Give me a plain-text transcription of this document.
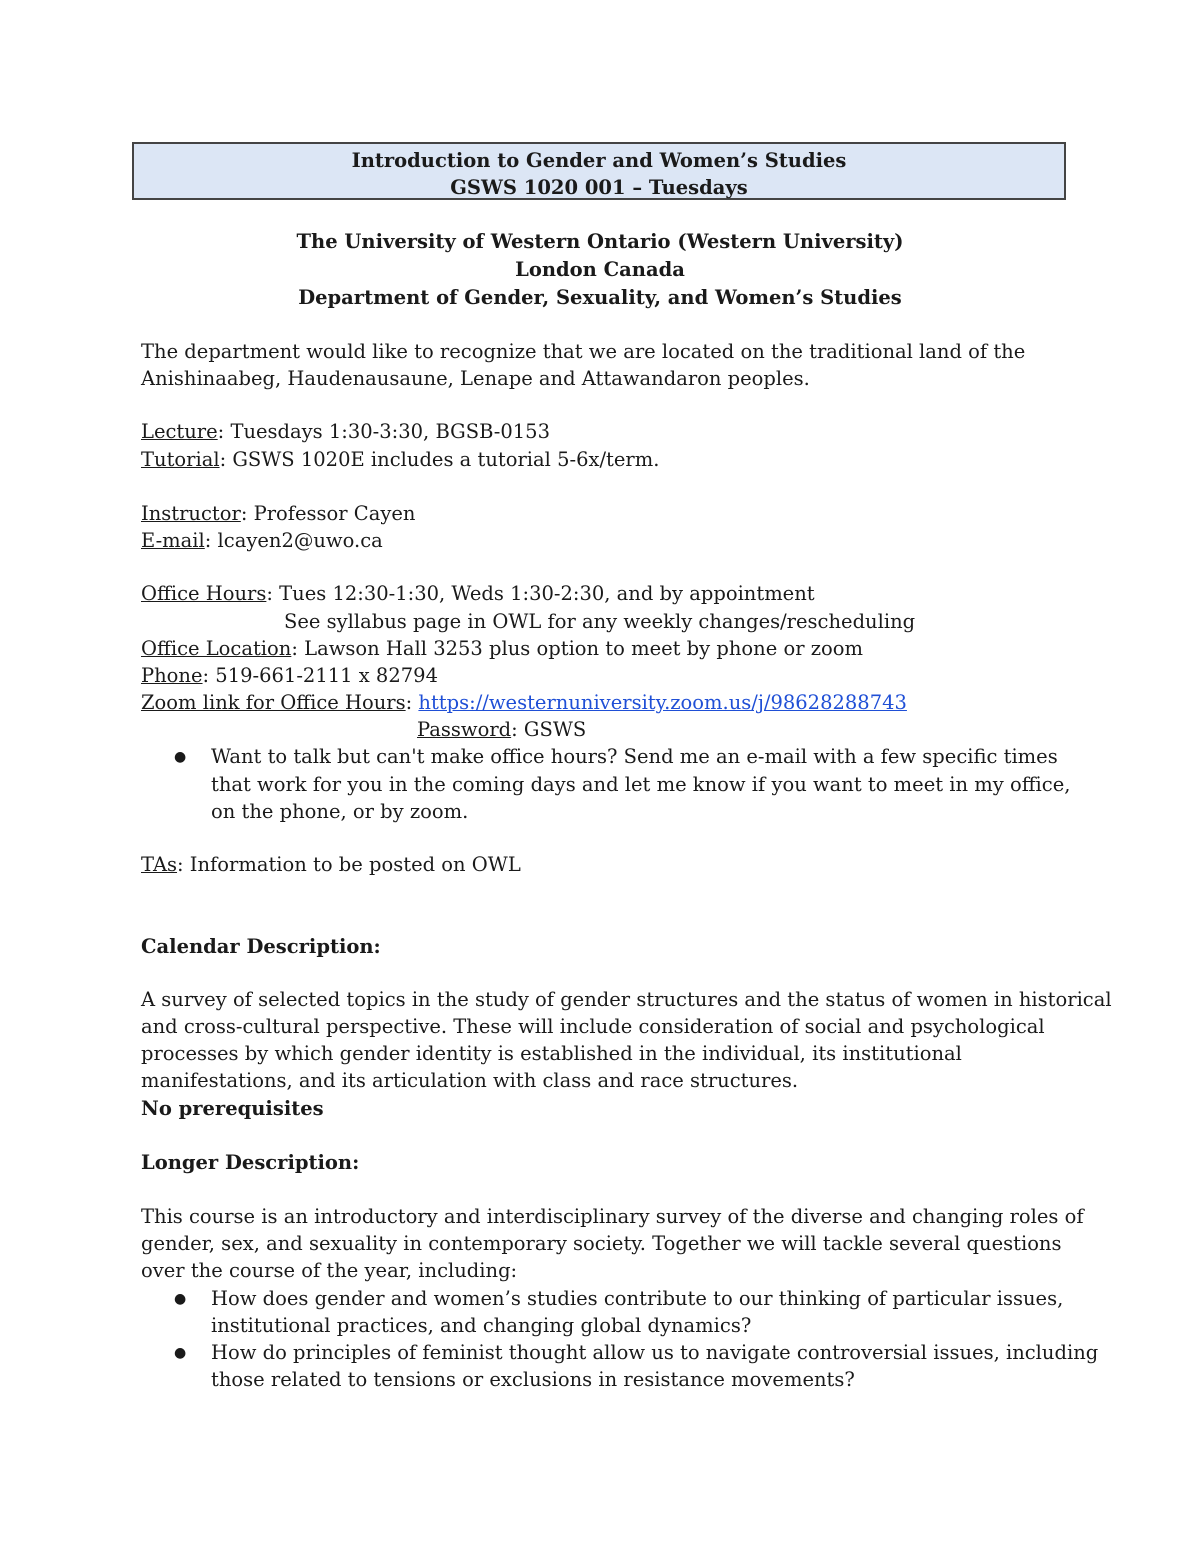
Introduction to Gender and Women’s Studies
GSWS 1020 001 – Tuesdays
The University of Western Ontario (Western University)
London Canada
Department of Gender, Sexuality, and Women’s Studies
The department would like to recognize that we are located on the traditional land of the
Anishinaabeg, Haudenausaune, Lenape and Attawandaron peoples.
Lecture: Tuesdays 1:30-3:30, BGSB-0153
Tutorial: GSWS 1020E includes a tutorial 5-6x/term.
Instructor: Professor Cayen
E-mail: lcayen2@uwo.ca
Office Hours: Tues 12:30-1:30, Weds 1:30-2:30, and by appointment
See syllabus page in OWL for any weekly changes/rescheduling
Office Location: Lawson Hall 3253 plus option to meet by phone or zoom
Phone: 519-661-2111 x 82794
Zoom link for Office Hours: https://westernuniversity.zoom.us/j/98628288743
Password: GSWS
● Want to talk but can't make office hours? Send me an e-mail with a few specific times
that work for you in the coming days and let me know if you want to meet in my office,
on the phone, or by zoom.
TAs: Information to be posted on OWL
Calendar Description:
A survey of selected topics in the study of gender structures and the status of women in historical
and cross-cultural perspective. These will include consideration of social and psychological
processes by which gender identity is established in the individual, its institutional
manifestations, and its articulation with class and race structures.
No prerequisites
Longer Description:
This course is an introductory and interdisciplinary survey of the diverse and changing roles of
gender, sex, and sexuality in contemporary society. Together we will tackle several questions
over the course of the year, including:
● How does gender and women’s studies contribute to our thinking of particular issues,
institutional practices, and changing global dynamics?
● How do principles of feminist thought allow us to navigate controversial issues, including
those related to tensions or exclusions in resistance movements?
